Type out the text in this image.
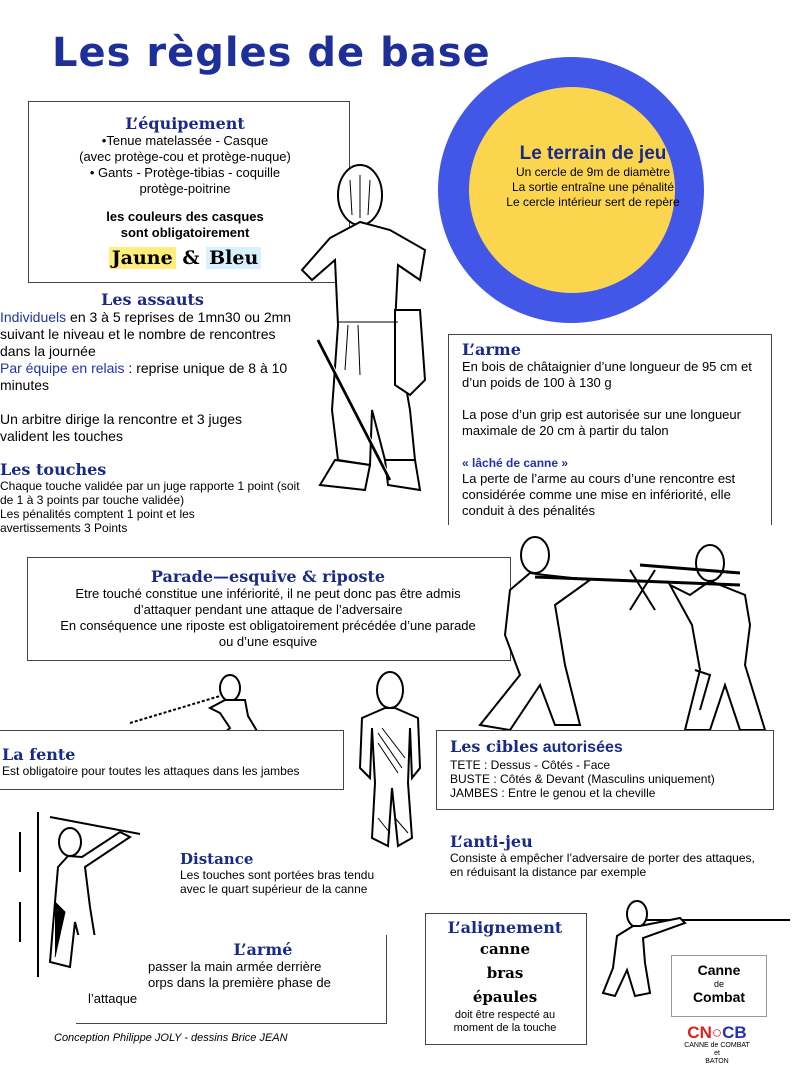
Les règles de base
Le terrain de jeu
Un cercle de 9m de diamètre
La sortie entraîne une pénalité
Le cercle intérieur sert de repère
L’équipement
•Tenue matelassée - Casque
(avec protège-cou et protège-nuque)
• Gants - Protège-tibias - coquille
protège-poitrine
les couleurs des casques
sont obligatoirement
Jaune & Bleu
Les assauts
Individuels en 3 à 5 reprises de 1mn30 ou 2mn suivant le niveau et le nombre de rencontres dans la journée
Par équipe en relais : reprise unique de 8 à 10 minutes
Un arbitre dirige la rencontre et 3 juges valident les touches
Les touches
Chaque touche validée par un juge rapporte 1 point (soit de 1 à 3 points par touche validée)
Les pénalités comptent 1 point et les avertissements 3 Points
L’arme
En bois de châtaignier d’une longueur de 95 cm et d’un poids de 100 à 130 g
La pose d’un grip est autorisée sur une longueur maximale de 20 cm à partir du talon
« lâché de canne »
La perte de l’arme au cours d’une rencontre est considérée comme une mise en infériorité, elle conduit à des pénalités
Parade—esquive & riposte
Etre touché constitue une infériorité, il ne peut donc pas être admis
d’attaquer pendant une attaque de l’adversaire
En conséquence une riposte est obligatoirement précédée d’une parade
ou d’une esquive
La fente
Est obligatoire pour toutes les attaques dans les jambes
Les cibles autorisées
TETE : Dessus - Côtés - Face
BUSTE : Côtés & Devant (Masculins uniquement)
JAMBES : Entre le genou et la cheville
L’anti-jeu
Consiste à empêcher l’adversaire de porter des attaques,
en réduisant la distance par exemple
Distance
Les touches sont portées bras tendu avec le quart supérieur de la canne
L’armé
passer la main armée derrière
orps dans la première phase de
l’attaque
L’alignement
canne
bras
épaules
doit être respecté au
moment de la touche
Canne
de
Combat
CN○CB
CANNE de COMBAT
et
BATON
Conception Philippe JOLY - dessins Brice JEAN
